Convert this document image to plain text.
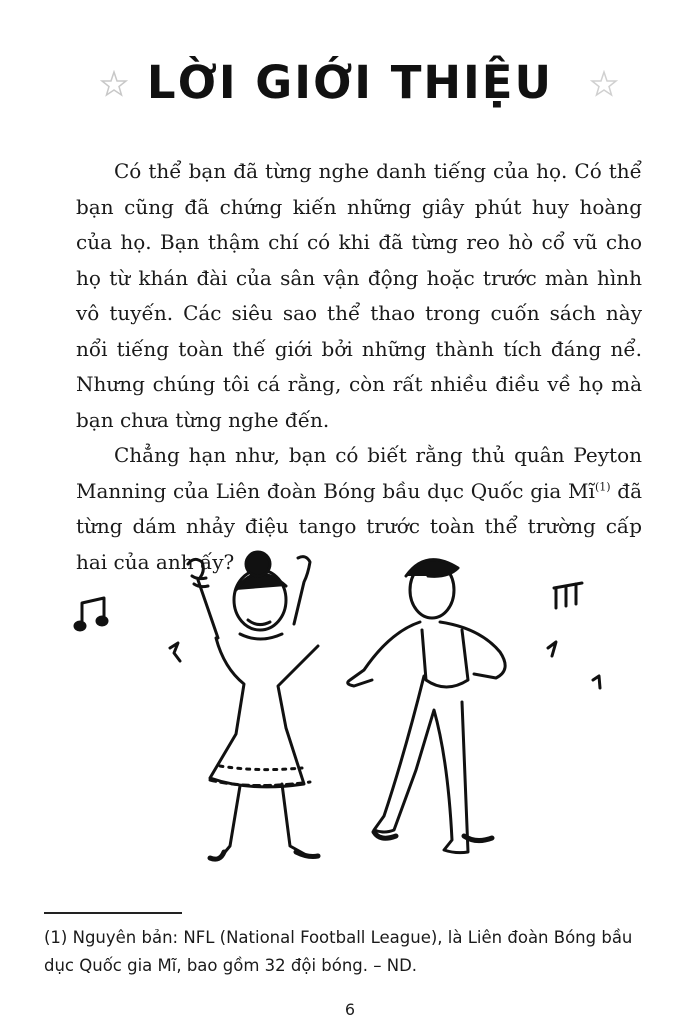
LỜI GIỚI THIỆU

Có thể bạn đã từng nghe danh tiếng của họ. Có thể bạn cũng đã chứng kiến những giây phút huy hoàng của họ. Bạn thậm chí có khi đã từng reo hò cổ vũ cho họ từ khán đài của sân vận động hoặc trước màn hình vô tuyến. Các siêu sao thể thao trong cuốn sách này nổi tiếng toàn thế giới bởi những thành tích đáng nể. Nhưng chúng tôi cá rằng, còn rất nhiều điều về họ mà bạn chưa từng nghe đến.

Chẳng hạn như, bạn có biết rằng thủ quân Peyton Manning của Liên đoàn Bóng bầu dục Quốc gia $Mĩ^{(1)}$ đã từng dám nhảy điệu tango trước toàn thể trường cấp hai của anh ấy?

(1) Nguyên bản: NFL (National Football League), là Liên đoàn Bóng bầu dục Quốc gia Mĩ, bao gồm 32 đội bóng. – ND.
6
